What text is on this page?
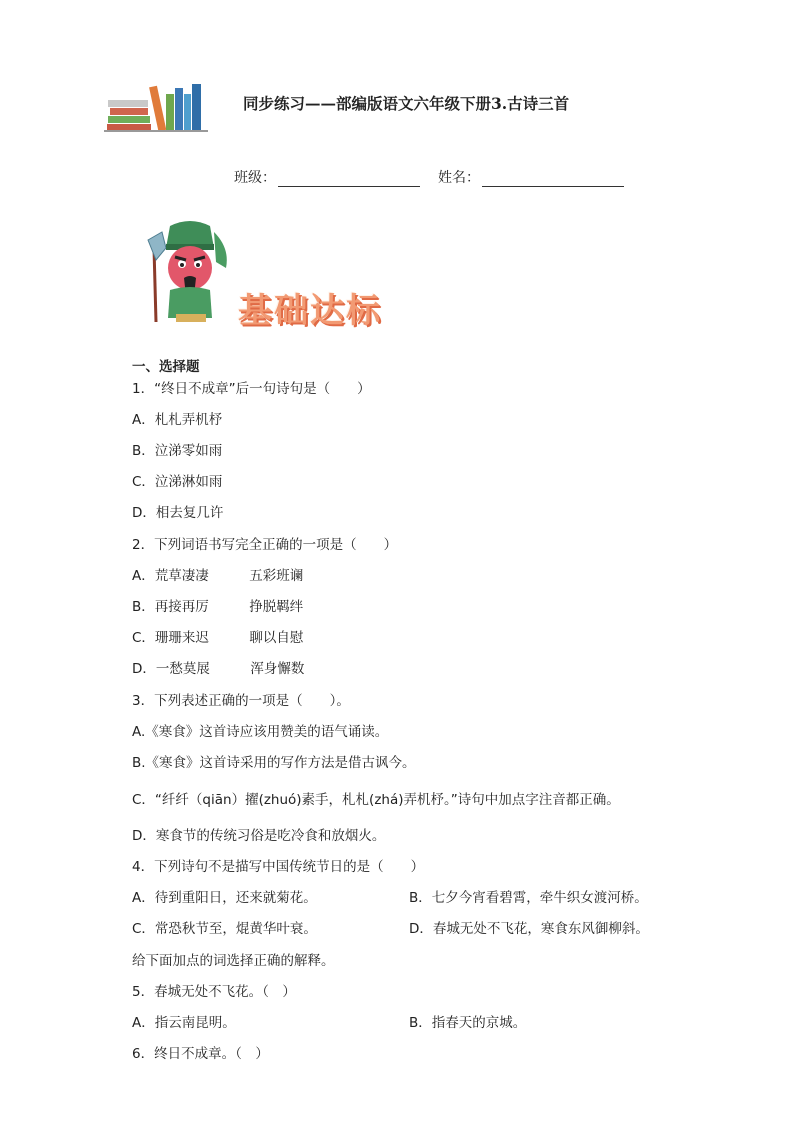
同步练习——部编版语文六年级下册3.古诗三首
班级：	姓名：
基础达标
一、选择题
1．“终日不成章”后一句诗句是（　　）
A．札札弄机杼
B．泣涕零如雨
C．泣涕淋如雨
D．相去复几许
2．下列词语书写完全正确的一项是（　　）
A．荒草凄凄　　　五彩班谰
B．再接再厉　　　挣脱羁绊
C．珊珊来迟　　　聊以自慰
D．一愁莫展　　　浑身懈数
3．下列表述正确的一项是（　　）。
A.《寒食》这首诗应该用赞美的语气诵读。
B.《寒食》这首诗采用的写作方法是借古讽今。
C．“纤纤（qiān）擢(zhuó)素手，札札(zhá)弄机杼。”诗句中加点字注音都正确。
D．寒食节的传统习俗是吃冷食和放烟火。
4．下列诗句不是描写中国传统节日的是（　　）
A．待到重阳日，还来就菊花。	B．七夕今宵看碧霄，牵牛织女渡河桥。
C．常恐秋节至，焜黄华叶衰。	D．春城无处不飞花，寒食东风御柳斜。
给下面加点的词选择正确的解释。
5．春城无处不飞花。（　）
A．指云南昆明。	B．指春天的京城。
6．终日不成章。（　）
